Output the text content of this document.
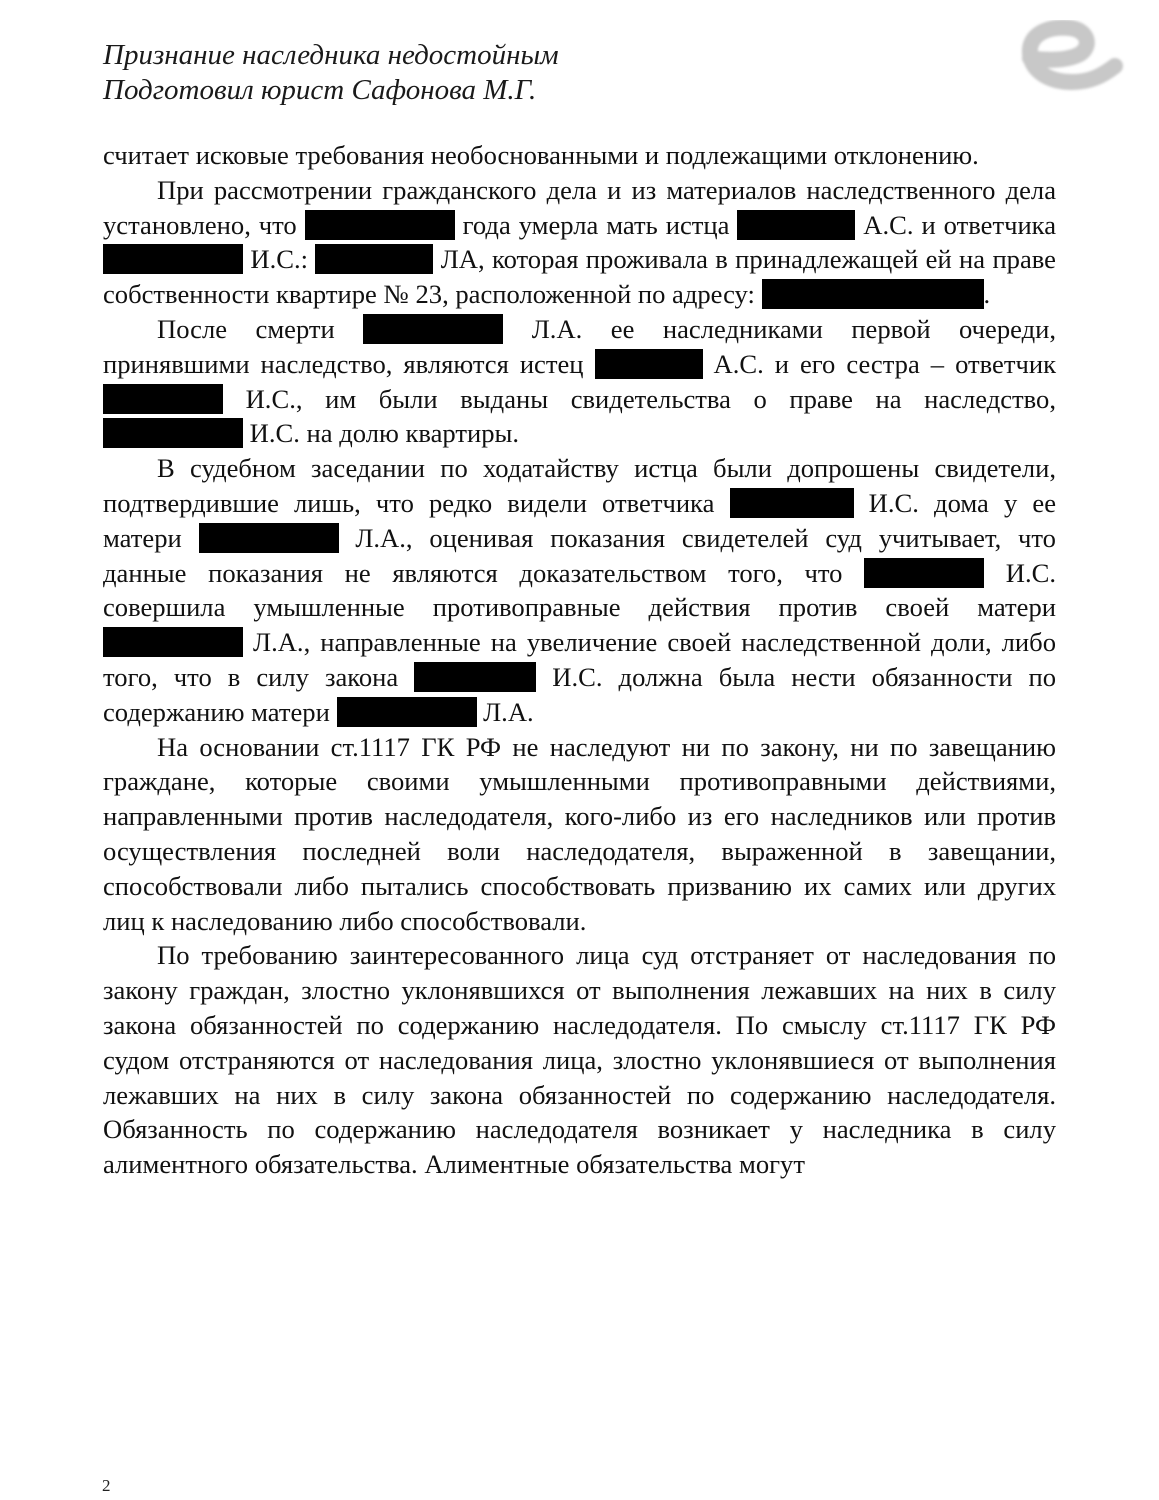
Признание наследника недостойным
Подготовил юрист Сафонова М.Г.

считает исковые требования необоснованными и подлежащими отклонению.

При рассмотрении гражданского дела и из материалов наследственного дела установлено, что	года умерла мать истца	А.С. и ответчика  И.С.:	ЛА, которая проживала в принадлежащей ей на праве собственности квартире № 23, расположенной по адресу:	.

После смерти	Л.А. ее наследниками первой очереди, принявшими наследство, являются истец	А.С. и его сестра – ответчик  И.С., им были выданы свидетельства о праве на наследство,  И.С. на долю квартиры.

В судебном заседании по ходатайству истца были допрошены свидетели, подтвердившие лишь, что редко видели ответчика	И.С. дома у ее матери	Л.А., оценивая показания свидетелей суд учитывает, что данные показания не являются доказательством того, что	И.С. совершила умышленные противоправные действия против своей матери  Л.А., направленные на увеличение своей наследственной доли, либо того, что в силу закона	И.С. должна была нести обязанности по содержанию матери	Л.А.

На основании ст.1117 ГК РФ не наследуют ни по закону, ни по завещанию граждане, которые своими умышленными противоправными действиями, направленными против наследодателя, кого-либо из его наследников или против осуществления последней воли наследодателя, выраженной в завещании, способствовали либо пытались способствовать призванию их самих или других лиц к наследованию либо способствовали.

По требованию заинтересованного лица суд отстраняет от наследования по закону граждан, злостно уклонявшихся от выполнения лежавших на них в силу закона обязанностей по содержанию наследодателя. По смыслу ст.1117 ГК РФ судом отстраняются от наследования лица, злостно уклонявшиеся от выполнения лежавших на них в силу закона обязанностей по содержанию наследодателя. Обязанность по содержанию наследодателя возникает у наследника в силу алиментного обязательства. Алиментные обязательства могут

2
